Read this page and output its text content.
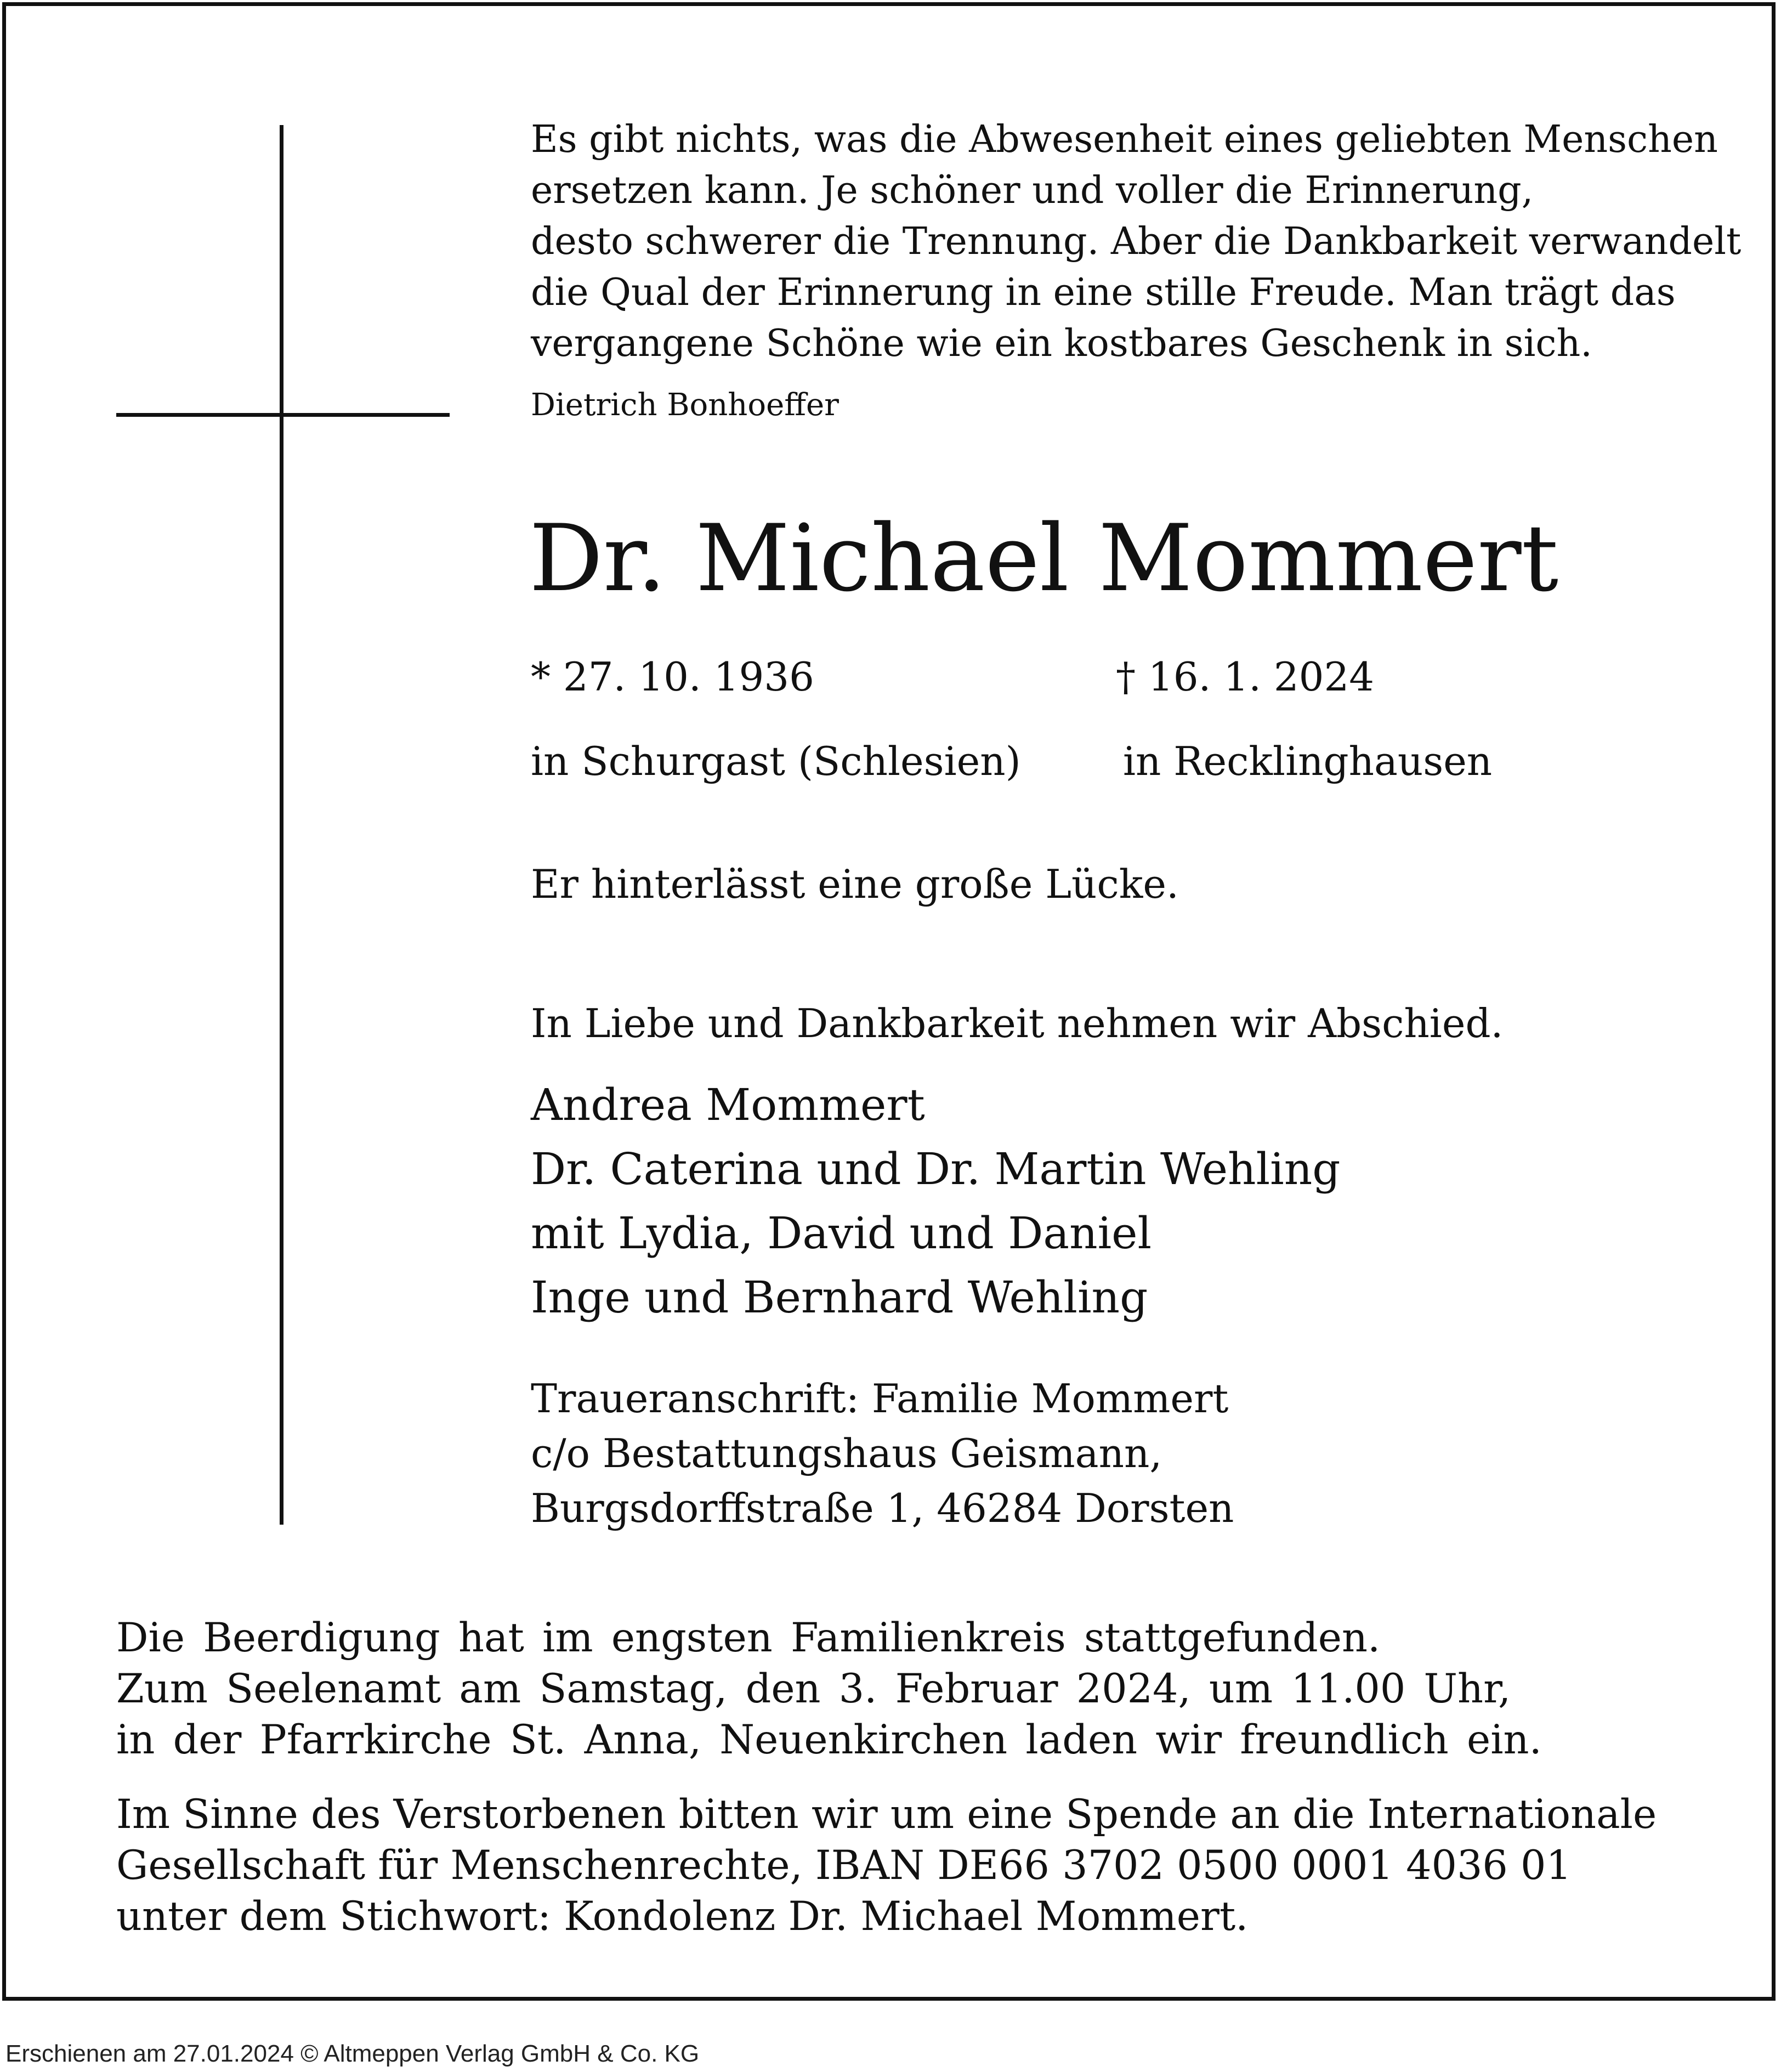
Es gibt nichts, was die Abwesenheit eines geliebten Menschen
ersetzen kann. Je schöner und voller die Erinnerung,
desto schwerer die Trennung. Aber die Dankbarkeit verwandelt
die Qual der Erinnerung in eine stille Freude. Man trägt das
vergangene Schöne wie ein kostbares Geschenk in sich.
Dietrich Bonhoeffer
Dr. Michael Mommert
* 27. 10. 1936	† 16. 1. 2024
in Schurgast (Schlesien)	in Recklinghausen
Er hinterlässt eine große Lücke.
In Liebe und Dankbarkeit nehmen wir Abschied.
Andrea Mommert
Dr. Caterina und Dr. Martin Wehling
mit Lydia, David und Daniel
Inge und Bernhard Wehling
Traueranschrift: Familie Mommert
c/o Bestattungshaus Geismann,
Burgsdorffstraße 1, 46284 Dorsten
Die Beerdigung hat im engsten Familienkreis stattgefunden.
Zum Seelenamt am Samstag, den 3. Februar 2024, um 11.00 Uhr,
in der Pfarrkirche St. Anna, Neuenkirchen laden wir freundlich ein.
Im Sinne des Verstorbenen bitten wir um eine Spende an die Internationale
Gesellschaft für Menschenrechte, IBAN DE66 3702 0500 0001 4036 01
unter dem Stichwort: Kondolenz Dr. Michael Mommert.
Erschienen am 27.01.2024 © Altmeppen Verlag GmbH & Co. KG
